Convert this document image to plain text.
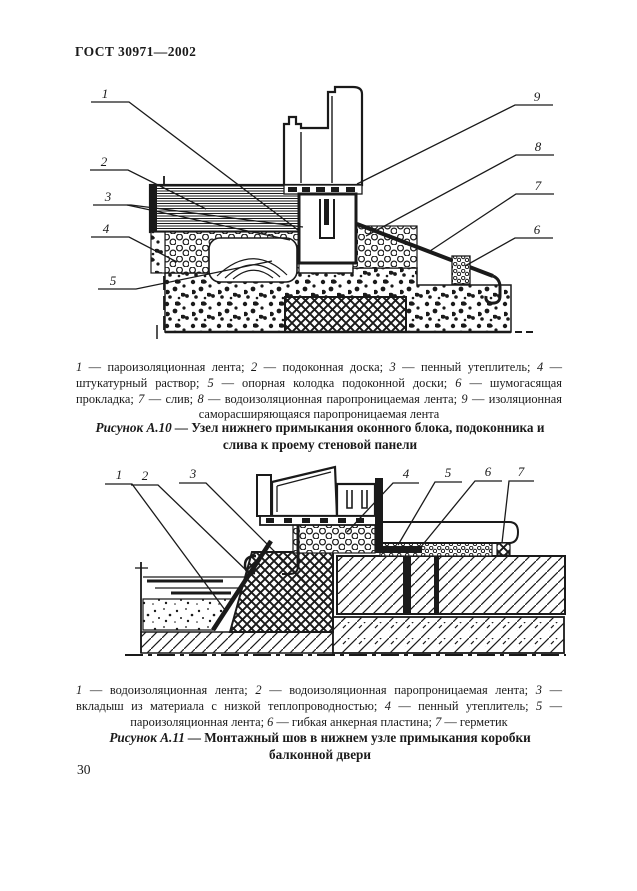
ГОСТ 30971—2002
1
2
3
4
5
6
7
8
9

1 — пароизоляционная лента; 2 — подоконная доска; 3 — пенный утеплитель; 4 — штукатурный раствор; 5 — опорная колодка подоконной доски; 6 — шумогасящая прокладка; 7 — слив; 8 — водоизоляционная паропроницаемая лента; 9 — изоляционная саморасширяющаяся паропроницаемая лента

Рисунок А.10 — Узел нижнего примыкания оконного блока, подоконника и слива к проему стеновой панели
1 2	3	4	5	6 7

1 — водоизоляционная лента; 2 — водоизоляционная паропроницаемая лента; 3 — вкладыш из материала с низкой теплопроводностью; 4 — пенный утеплитель; 5 — пароизоляционная лента; 6 — гибкая анкерная пластина; 7 — герметик

Рисунок А.11 — Монтажный шов в нижнем узле примыкания коробки балконной двери
30
